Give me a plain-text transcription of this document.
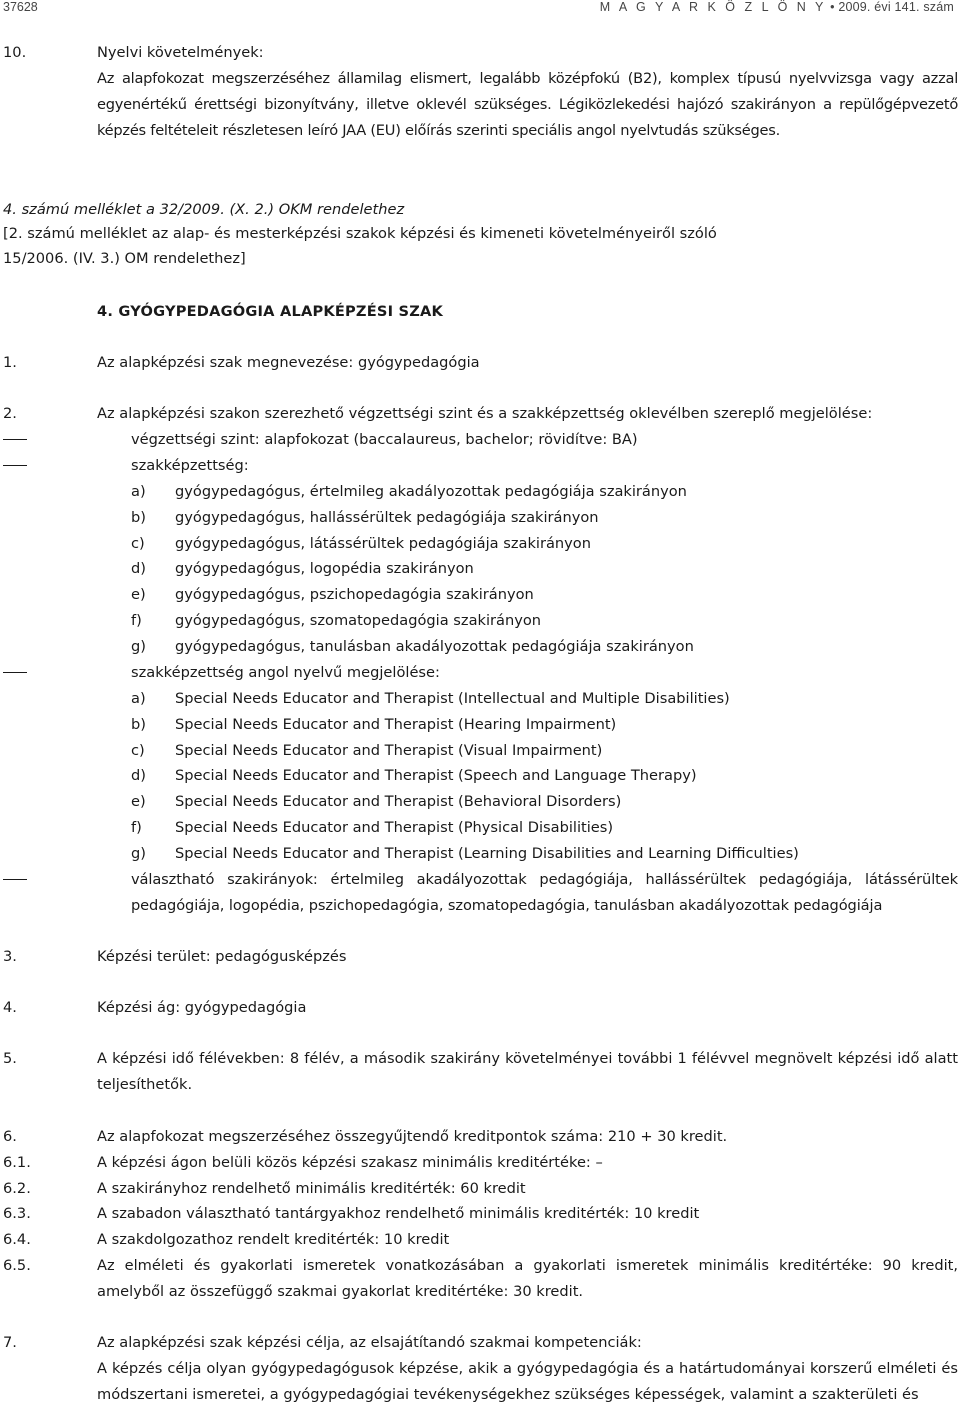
37628	M A G Y A R K Ö Z L Ö N Y • 2009. évi 141. szám
10.	Nyelvi követelmények:
Az alapfokozat megszerzéséhez államilag elismert, legalább középfokú (B2), komplex típusú nyelvvizsga vagy azzal egyenértékű érettségi bizonyítvány, illetve oklevél szükséges. Légiközlekedési hajózó szakirányon a repülőgépvezető képzés feltételeit részletesen leíró JAA (EU) előírás szerinti speciális angol nyelvtudás szükséges.
4. számú melléklet a 32/2009. (X. 2.) OKM rendelethez
[2. számú melléklet az alap- és mesterképzési szakok képzési és kimeneti követelményeiről szóló
15/2006. (IV. 3.) OM rendelethez]
4. GYÓGYPEDAGÓGIA ALAPKÉPZÉSI SZAK
1.	Az alapképzési szak megnevezése: gyógypedagógia
2.	Az alapképzési szakon szerezhető végzettségi szint és a szakképzettség oklevélben szereplő megjelölése:
végzettségi szint: alapfokozat (baccalaureus, bachelor; rövidítve: BA)
szakképzettség:
a) gyógypedagógus, értelmileg akadályozottak pedagógiája szakirányon
b) gyógypedagógus, hallássérültek pedagógiája szakirányon
c) gyógypedagógus, látássérültek pedagógiája szakirányon
d) gyógypedagógus, logopédia szakirányon
e) gyógypedagógus, pszichopedagógia szakirányon
f) gyógypedagógus, szomatopedagógia szakirányon
g) gyógypedagógus, tanulásban akadályozottak pedagógiája szakirányon
szakképzettség angol nyelvű megjelölése:
a) Special Needs Educator and Therapist (Intellectual and Multiple Disabilities)
b) Special Needs Educator and Therapist (Hearing Impairment)
c) Special Needs Educator and Therapist (Visual Impairment)
d) Special Needs Educator and Therapist (Speech and Language Therapy)
e) Special Needs Educator and Therapist (Behavioral Disorders)
f) Special Needs Educator and Therapist (Physical Disabilities)
g) Special Needs Educator and Therapist (Learning Disabilities and Learning Difficulties)
választható szakirányok: értelmileg akadályozottak pedagógiája, hallássérültek pedagógiája, látássérültek pedagógiája, logopédia, pszichopedagógia, szomatopedagógia, tanulásban akadályozottak pedagógiája
3.	Képzési terület: pedagógusképzés
4.	Képzési ág: gyógypedagógia
5.	A képzési idő félévekben: 8 félév, a második szakirány követelményei további 1 félévvel megnövelt képzési idő alatt teljesíthetők.
6.	Az alapfokozat megszerzéséhez összegyűjtendő kreditpontok száma: 210 + 30 kredit.
6.1.	A képzési ágon belüli közös képzési szakasz minimális kreditértéke: –
6.2.	A szakirányhoz rendelhető minimális kreditérték: 60 kredit
6.3.	A szabadon választható tantárgyakhoz rendelhető minimális kreditérték: 10 kredit
6.4.	A szakdolgozathoz rendelt kreditérték: 10 kredit
6.5.	Az elméleti és gyakorlati ismeretek vonatkozásában a gyakorlati ismeretek minimális kreditértéke: 90 kredit, amelyből az összefüggő szakmai gyakorlat kreditértéke: 30 kredit.
7.	Az alapképzési szak képzési célja, az elsajátítandó szakmai kompetenciák:
A képzés célja olyan gyógypedagógusok képzése, akik a gyógypedagógia és a határtudományai korszerű elméleti és módszertani ismeretei, a gyógypedagógiai tevékenységekhez szükséges képességek, valamint a szakterületi és
